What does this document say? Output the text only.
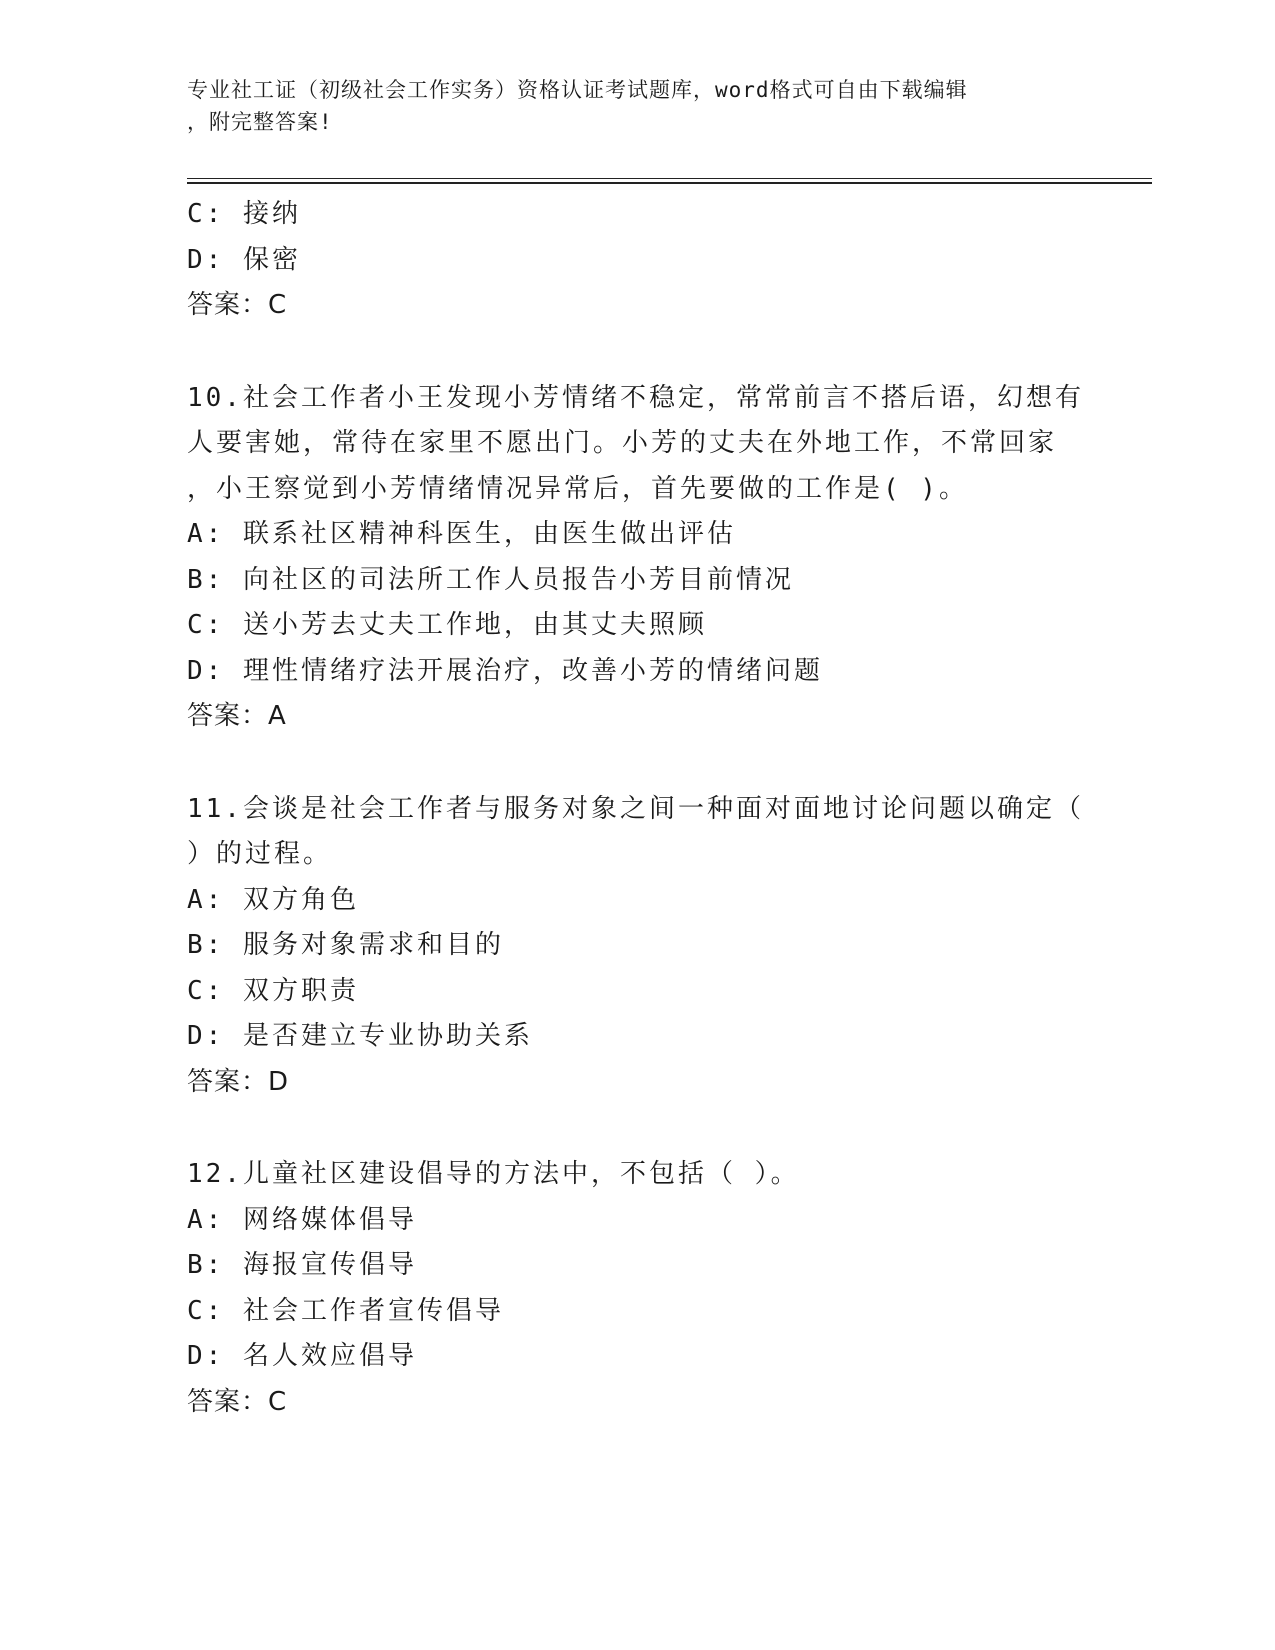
专业社工证（初级社会工作实务）资格认证考试题库，word格式可自由下载编辑
，附完整答案!
C: 接纳
D: 保密
答案：C
10.社会工作者小王发现小芳情绪不稳定，常常前言不搭后语，幻想有
人要害她，常待在家里不愿出门。小芳的丈夫在外地工作，不常回家
，小王察觉到小芳情绪情况异常后，首先要做的工作是( )。
A: 联系社区精神科医生，由医生做出评估
B: 向社区的司法所工作人员报告小芳目前情况
C: 送小芳去丈夫工作地，由其丈夫照顾
D: 理性情绪疗法开展治疗，改善小芳的情绪问题
答案：A
11.会谈是社会工作者与服务对象之间一种面对面地讨论问题以确定（
）的过程。
A: 双方角色
B: 服务对象需求和目的
C: 双方职责
D: 是否建立专业协助关系
答案：D
12.儿童社区建设倡导的方法中，不包括（ ）。
A: 网络媒体倡导
B: 海报宣传倡导
C: 社会工作者宣传倡导
D: 名人效应倡导
答案：C
